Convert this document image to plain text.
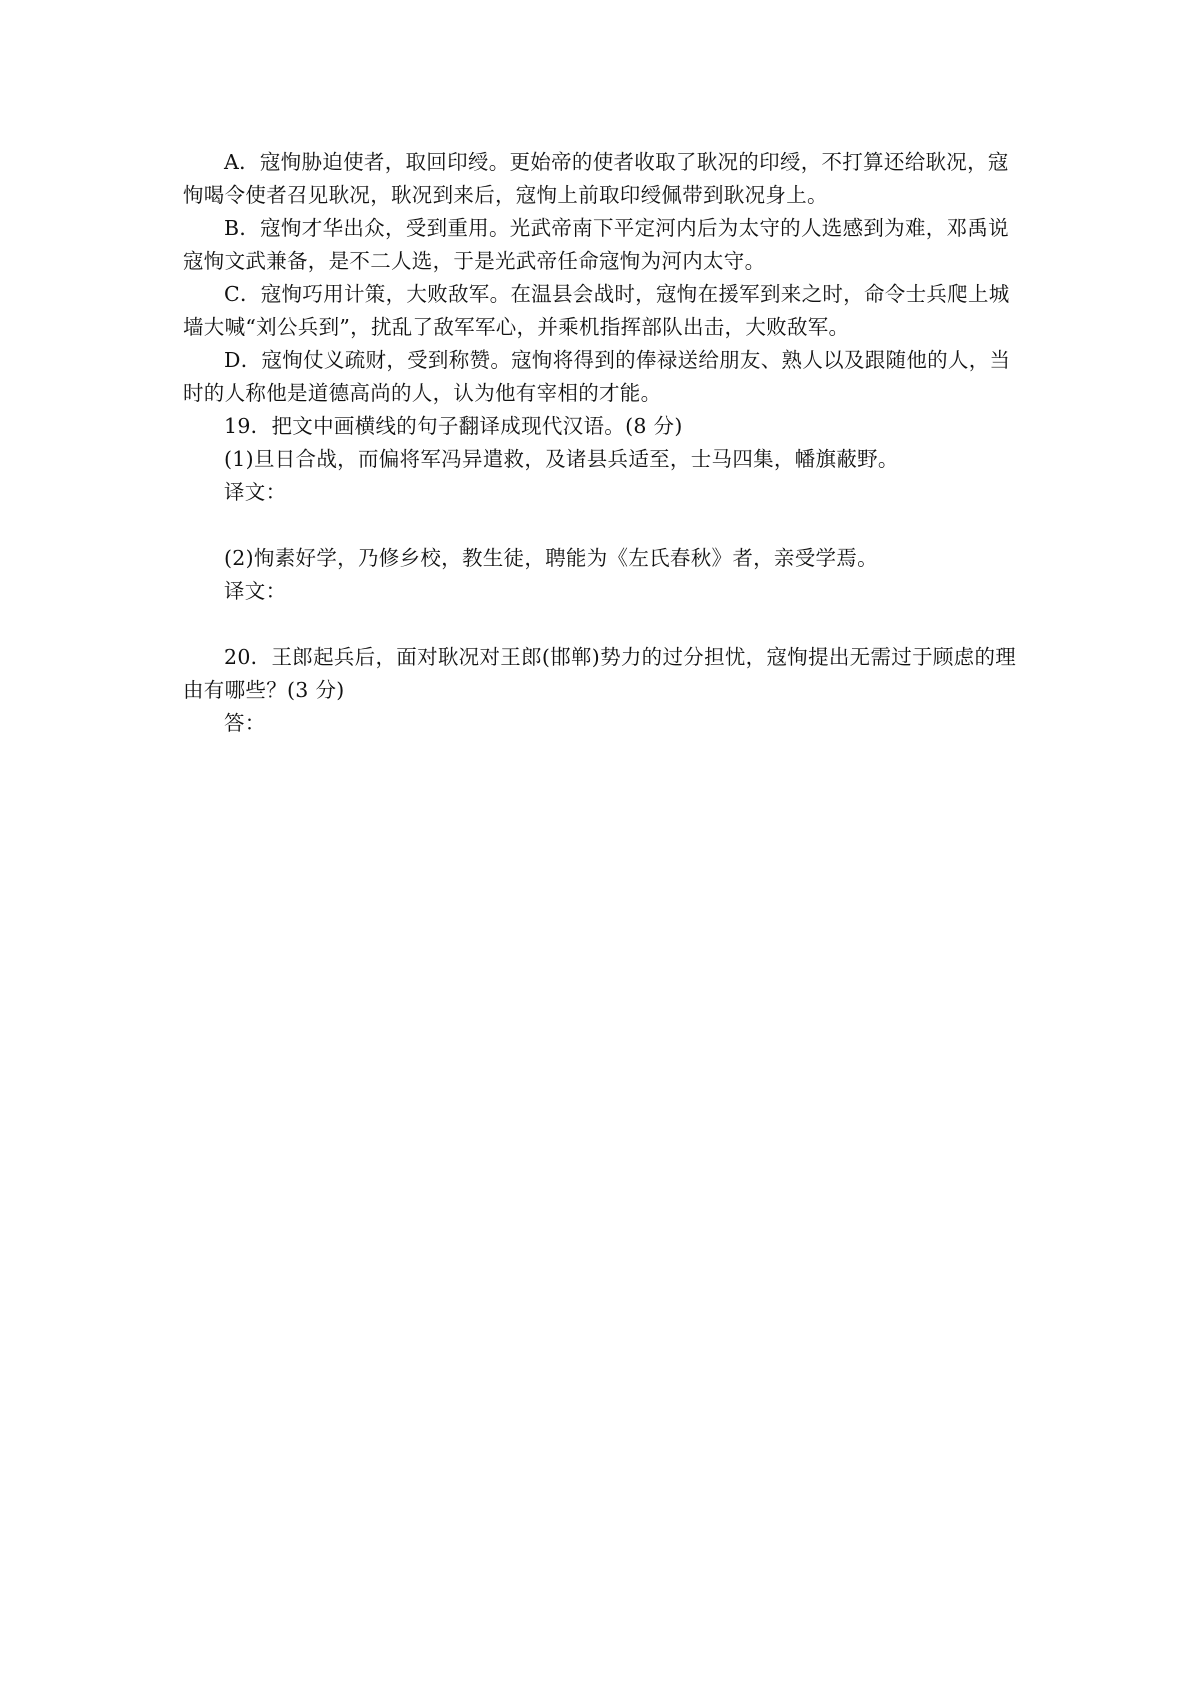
A．寇恂胁迫使者，取回印绶。更始帝的使者收取了耿况的印绶，不打算还给耿况，寇

恂喝令使者召见耿况，耿况到来后，寇恂上前取印绶佩带到耿况身上。

B．寇恂才华出众，受到重用。光武帝南下平定河内后为太守的人选感到为难，邓禹说

寇恂文武兼备，是不二人选，于是光武帝任命寇恂为河内太守。

C．寇恂巧用计策，大败敌军。在温县会战时，寇恂在援军到来之时，命令士兵爬上城

墙大喊“刘公兵到”，扰乱了敌军军心，并乘机指挥部队出击，大败敌军。

D．寇恂仗义疏财，受到称赞。寇恂将得到的俸禄送给朋友、熟人以及跟随他的人，当

时的人称他是道德高尚的人，认为他有宰相的才能。

19．把文中画横线的句子翻译成现代汉语。(8 分)

(1)旦日合战，而偏将军冯异遣救，及诸县兵适至，士马四集，幡旗蔽野。

译文：

(2)恂素好学，乃修乡校，教生徒，聘能为《左氏春秋》者，亲受学焉。

译文：

20．王郎起兵后，面对耿况对王郎(邯郸)势力的过分担忧，寇恂提出无需过于顾虑的理

由有哪些？(3 分)

答：
